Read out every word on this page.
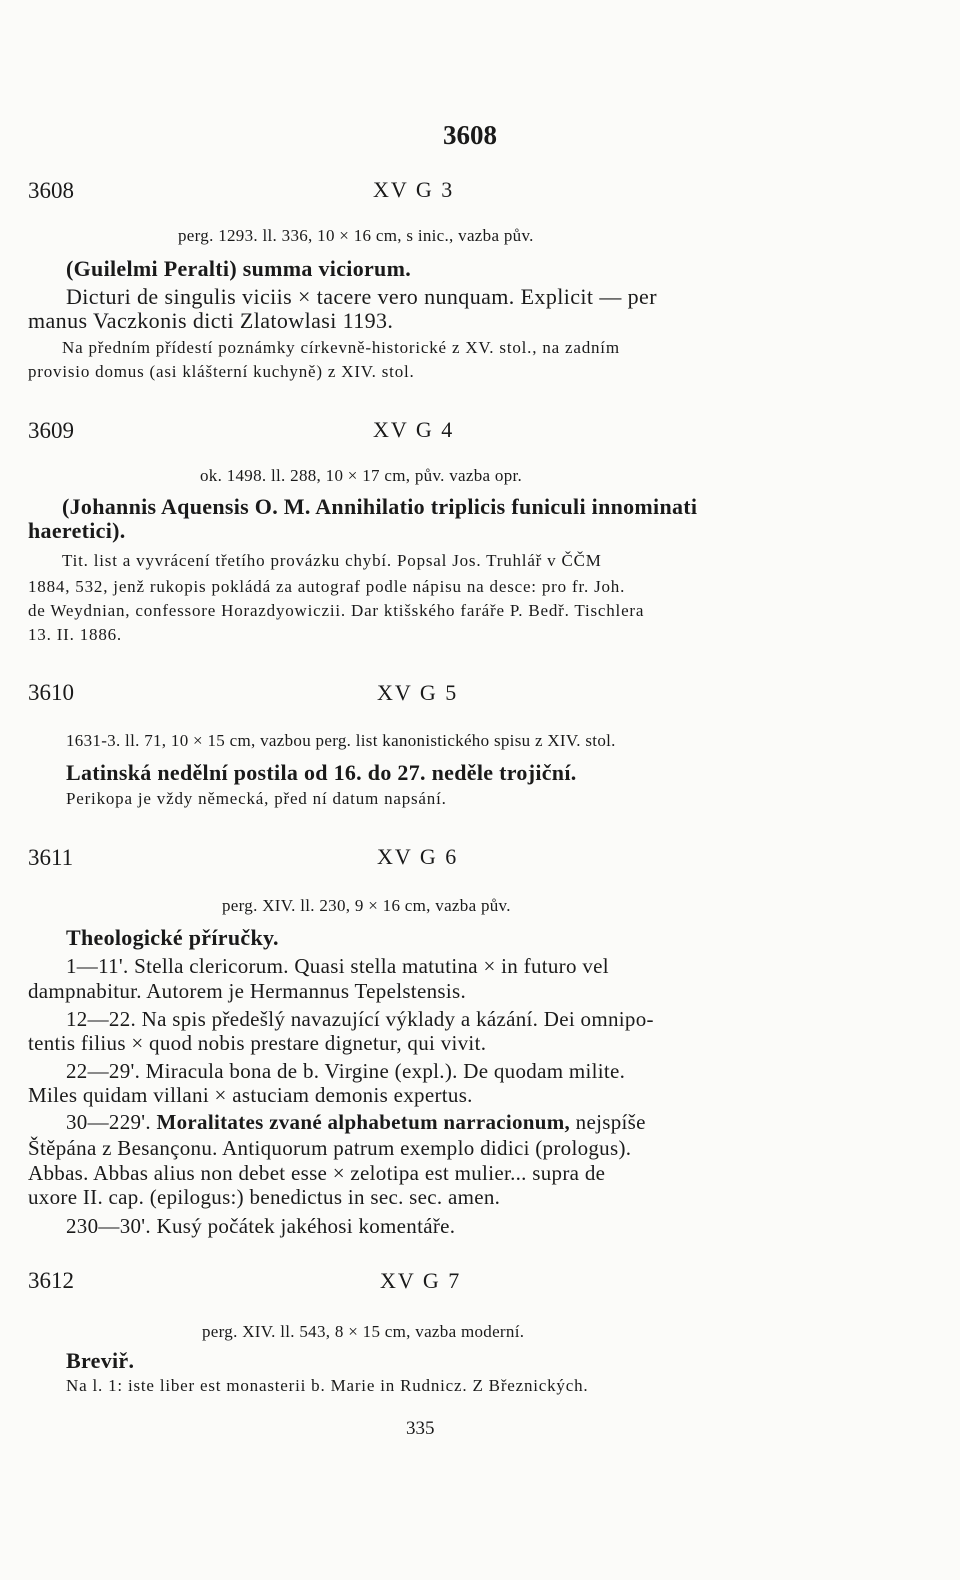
3608
3608	XV G 3
perg. 1293. ll. 336, 10 × 16 cm, s inic., vazba pův.
(Guilelmi Peralti) summa viciorum.
Dicturi de singulis viciis × tacere vero nunquam. Explicit — per
manus Vaczkonis dicti Zlatowlasi 1193.
Na předním přídestí poznámky církevně-historické z XV. stol., na zadním
provisio domus (asi klášterní kuchyně) z XIV. stol.
3609	XV G 4
ok. 1498. ll. 288, 10 × 17 cm, pův. vazba opr.
(Johannis Aquensis O. M. Annihilatio triplicis funiculi innominati
haeretici).
Tit. list a vyvrácení třetího provázku chybí. Popsal Jos. Truhlář v ČČM
1884, 532, jenž rukopis pokládá za autograf podle nápisu na desce: pro fr. Joh.
de Weydnian, confessore Horazdyowiczii. Dar ktišského faráře P. Bedř. Tischlera
13. II. 1886.
3610	XV G 5
1631-3. ll. 71, 10 × 15 cm, vazbou perg. list kanonistického spisu z XIV. stol.
Latinská nedělní postila od 16. do 27. neděle trojiční.
Perikopa je vždy německá, před ní datum napsání.
3611	XV G 6
perg. XIV. ll. 230, 9 × 16 cm, vazba pův.
Theologické příručky.
1—11'. Stella clericorum. Quasi stella matutina × in futuro vel
dampnabitur. Autorem je Hermannus Tepelstensis.
12—22. Na spis předešlý navazující výklady a kázání. Dei omnipo-
tentis filius × quod nobis prestare dignetur, qui vivit.
22—29'. Miracula bona de b. Virgine (expl.). De quodam milite.
Miles quidam villani × astuciam demonis expertus.
30—229'. Moralitates zvané alphabetum narracionum, nejspíše
Štěpána z Besançonu. Antiquorum patrum exemplo didici (prologus).
Abbas. Abbas alius non debet esse × zelotipa est mulier... supra de
uxore II. cap. (epilogus:) benedictus in sec. sec. amen.
230—30'. Kusý počátek jakéhosi komentáře.
3612	XV G 7
perg. XIV. ll. 543, 8 × 15 cm, vazba moderní.
Breviř.
Na l. 1: iste liber est monasterii b. Marie in Rudnicz. Z Březnických.
335
